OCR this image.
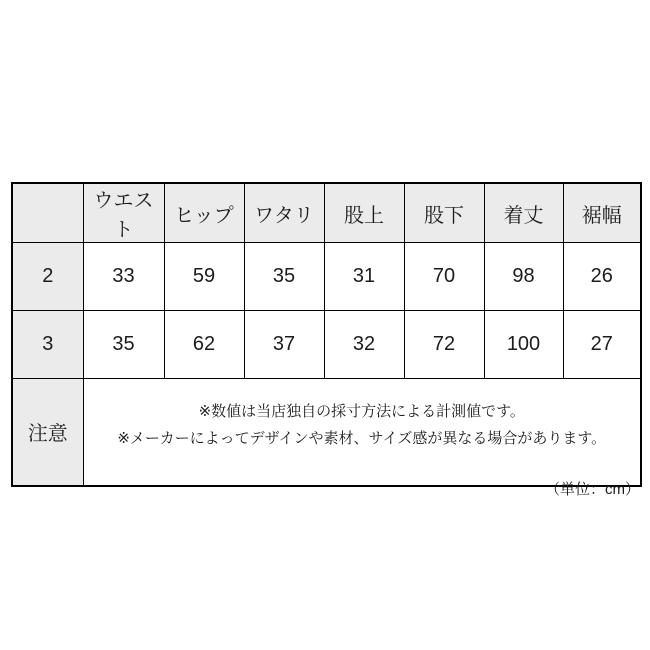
	ウエスト	ヒップ	ワタリ	股上	股下	着丈	裾幅
2	33	59	35	31	70	98	26
3	35	62	37	32	72	100	27
注意	※数値は当店独自の採寸方法による計測値です。
※メーカーによってデザインや素材、サイズ感が異なる場合があります。						
（単位：cm）
